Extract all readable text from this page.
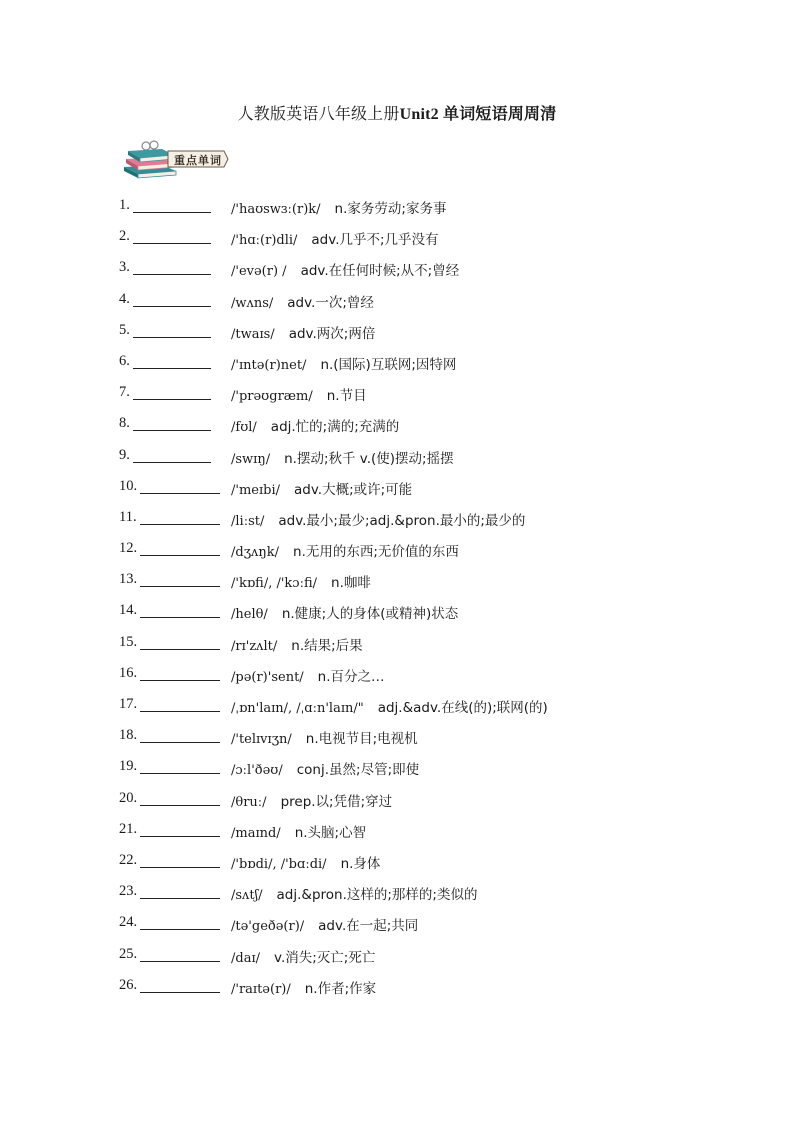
人教版英语八年级上册Unit2 单词短语周周清
重点单词
1.	/'haʊswɜː(r)k/ n.家务劳动;家务事
2.	/'hɑː(r)dli/ adv.几乎不;几乎没有
3.	/'evə(r) / adv.在任何时候;从不;曾经
4.	/wʌns/ adv.一次;曾经
5.	/twaɪs/ adv.两次;两倍
6.	/'ɪntə(r)net/ n.(国际)互联网;因特网
7.	/'prəʊgræm/ n.节目
8.	/fʊl/ adj.忙的;满的;充满的
9.	/swɪŋ/ n.摆动;秋千 v.(使)摆动;摇摆
10.	/'meɪbi/ adv.大概;或许;可能
11.	/liːst/ adv.最小;最少;adj.&pron.最小的;最少的
12.	/dʒʌŋk/ n.无用的东西;无价值的东西
13.	/'kɒfi/, /'kɔːfi/ n.咖啡
14.	/helθ/ n.健康;人的身体(或精神)状态
15.	/rɪ'zʌlt/ n.结果;后果
16.	/pə(r)'sent/ n.百分之…
17.	/ˌɒn'laɪn/, /ˌɑːn'laɪn/" adj.&adv.在线(的);联网(的)
18.	/'telɪvɪʒn/ n.电视节目;电视机
19.	/ɔːl'ðəʊ/ conj.虽然;尽管;即使
20.	/θruː/ prep.以;凭借;穿过
21.	/maɪnd/ n.头脑;心智
22.	/'bɒdi/, /'bɑːdi/ n.身体
23.	/sʌtʃ/ adj.&pron.这样的;那样的;类似的
24.	/tə'geðə(r)/ adv.在一起;共同
25.	/daɪ/ v.消失;灭亡;死亡
26.	/'raɪtə(r)/ n.作者;作家
